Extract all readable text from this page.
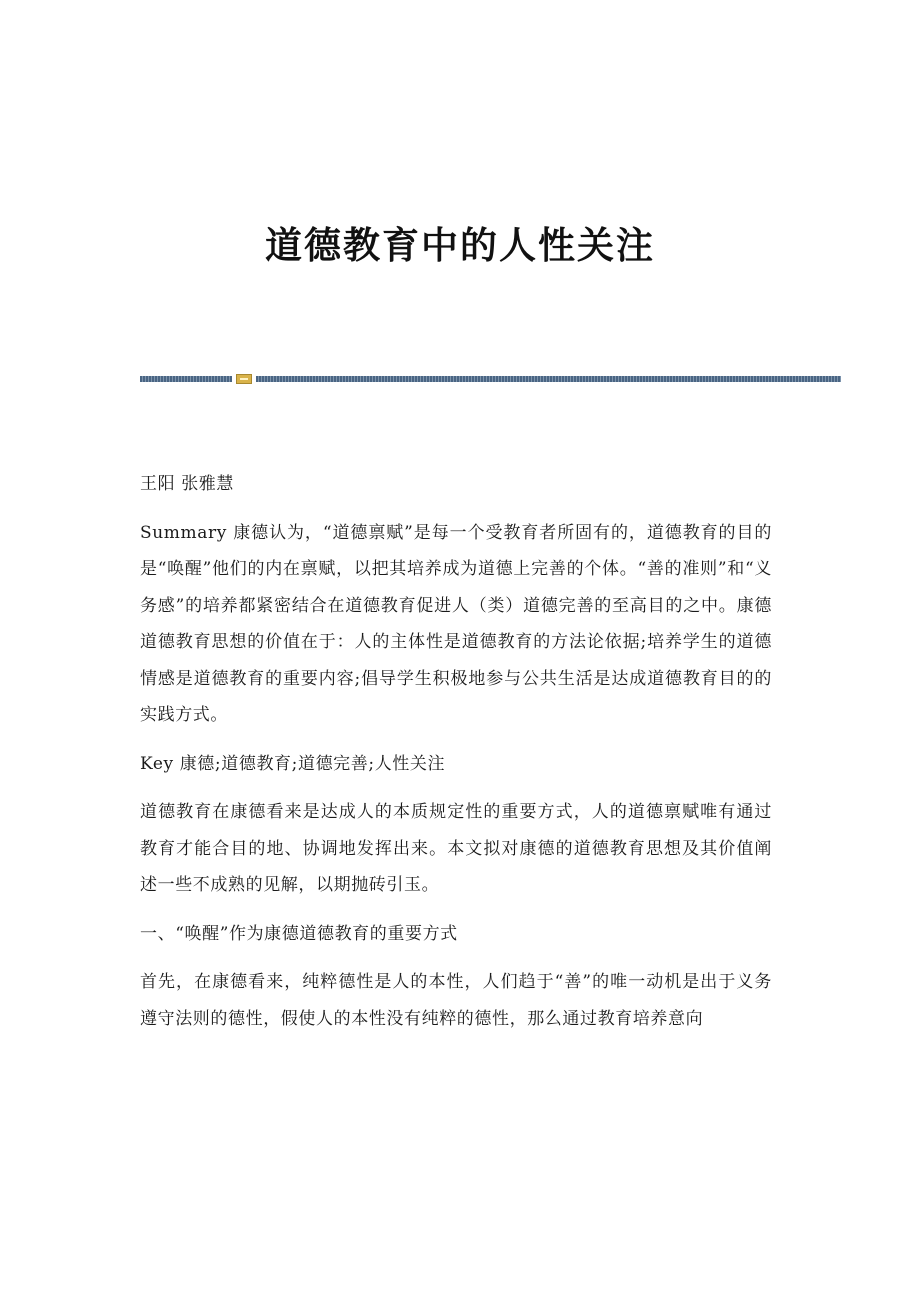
道德教育中的人性关注

王阳 张雅慧

Summary 康德认为，“道德禀赋”是每一个受教育者所固有的，道德教育的目的是“唤醒”他们的内在禀赋，以把其培养成为道德上完善的个体。“善的准则”和“义务感”的培养都紧密结合在道德教育促进人（类）道德完善的至高目的之中。康德道德教育思想的价值在于：人的主体性是道德教育的方法论依据;培养学生的道德情感是道德教育的重要内容;倡导学生积极地参与公共生活是达成道德教育目的的实践方式。

Key 康德;道德教育;道德完善;人性关注

道德教育在康德看来是达成人的本质规定性的重要方式，人的道德禀赋唯有通过教育才能合目的地、协调地发挥出来。本文拟对康德的道德教育思想及其价值阐述一些不成熟的见解，以期抛砖引玉。

一、“唤醒”作为康德道德教育的重要方式

首先，在康德看来，纯粹德性是人的本性，人们趋于“善”的唯一动机是出于义务遵守法则的德性，假使人的本性没有纯粹的德性，那么通过教育培养意向
